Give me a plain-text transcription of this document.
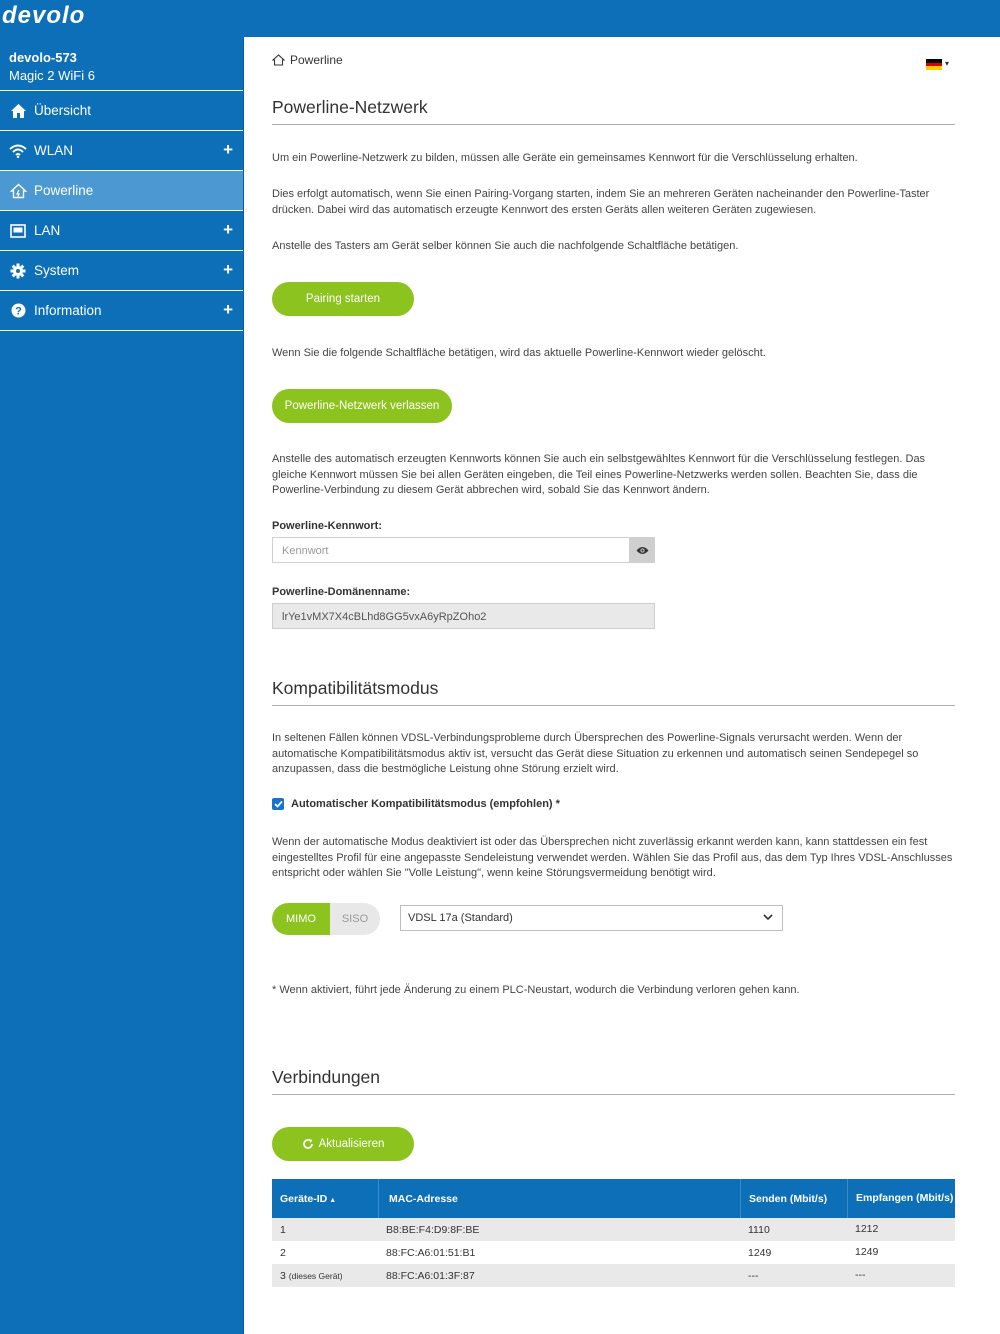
devolo
devolo-573
Magic 2 WiFi 6
Übersicht
WLAN	+
Powerline
LAN	+
System	+
? Information	+
Powerline	▾
Powerline-Netzwerk

Um ein Powerline-Netzwerk zu bilden, müssen alle Geräte ein gemeinsames Kennwort für die Verschlüsselung erhalten.

Dies erfolgt automatisch, wenn Sie einen Pairing-Vorgang starten, indem Sie an mehreren Geräten nacheinander den Powerline-Taster drücken. Dabei wird das automatisch erzeugte Kennwort des ersten Geräts allen weiteren Geräten zugewiesen.

Anstelle des Tasters am Gerät selber können Sie auch die nachfolgende Schaltfläche betätigen.

Pairing starten

Wenn Sie die folgende Schaltfläche betätigen, wird das aktuelle Powerline-Kennwort wieder gelöscht.

Powerline-Netzwerk verlassen

Anstelle des automatisch erzeugten Kennworts können Sie auch ein selbstgewähltes Kennwort für die Verschlüsselung festlegen. Das gleiche Kennwort müssen Sie bei allen Geräten eingeben, die Teil eines Powerline-Netzwerks werden sollen. Beachten Sie, dass die Powerline-Verbindung zu diesem Gerät abbrechen wird, sobald Sie das Kennwort ändern.

Powerline-Kennwort:
Kennwort
Powerline-Domänenname:
lrYe1vMX7X4cBLhd8GG5vxA6yRpZOho2
Kompatibilitätsmodus

In seltenen Fällen können VDSL-Verbindungsprobleme durch Übersprechen des Powerline-Signals verursacht werden. Wenn der automatische Kompatibilitätsmodus aktiv ist, versucht das Gerät diese Situation zu erkennen und automatisch seinen Sendepegel so anzupassen, dass die bestmögliche Leistung ohne Störung erzielt wird.

Automatischer Kompatibilitätsmodus (empfohlen) *

Wenn der automatische Modus deaktiviert ist oder das Übersprechen nicht zuverlässig erkannt werden kann, kann stattdessen ein fest eingestelltes Profil für eine angepasste Sendeleistung verwendet werden. Wählen Sie das Profil aus, das dem Typ Ihres VDSL-Anschlusses entspricht oder wählen Sie "Volle Leistung", wenn keine Störungsvermeidung benötigt wird.

MIMO	SISO	VDSL 17a (Standard)

* Wenn aktiviert, führt jede Änderung zu einem PLC-Neustart, wodurch die Verbindung verloren gehen kann.

Verbindungen
Aktualisieren
Geräte-ID ▲	MAC-Adresse	Senden (Mbit/s)	Empfangen (Mbit/s)
1	B8:BE:F4:D9:8F:BE	1110	1212
2	88:FC:A6:01:51:B1	1249	1249
3 (dieses Gerät)	88:FC:A6:01:3F:87	---	---
